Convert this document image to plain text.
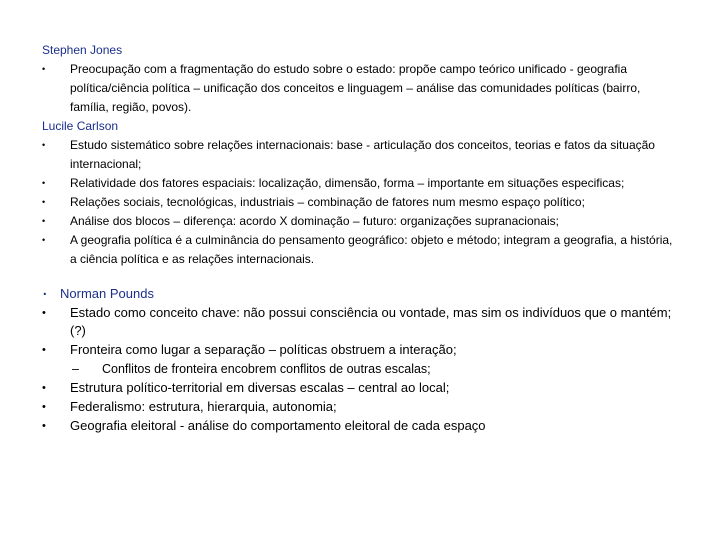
Stephen Jones
•	Preocupação com a fragmentação do estudo sobre o estado: propõe campo teórico unificado - geografia política/ciência política – unificação dos conceitos e linguagem – análise das comunidades políticas (bairro, família, região, povos).
Lucile Carlson
•	Estudo sistemático sobre relações internacionais: base - articulação dos conceitos, teorias e fatos da situação internacional;
•	Relatividade dos fatores espaciais: localização, dimensão, forma – importante em situações especificas;
•	Relações sociais, tecnológicas, industriais – combinação de fatores num mesmo espaço político;
•	Análise dos blocos – diferença: acordo X dominação – futuro: organizações supranacionais;
•	A geografia política é a culminância do pensamento geográfico: objeto e método; integram a geografia, a história, a ciência política e as relações internacionais.
. Norman Pounds
•	Estado como conceito chave: não possui consciência ou vontade, mas sim os indivíduos que o mantém; (?)
•	Fronteira como lugar a separação – políticas obstruem a interação;
– Conflitos de fronteira encobrem conflitos de outras escalas;
•	Estrutura político-territorial em diversas escalas – central ao local;
•	Federalismo: estrutura, hierarquia, autonomia;
•	Geografia eleitoral - análise do comportamento eleitoral de cada espaço
